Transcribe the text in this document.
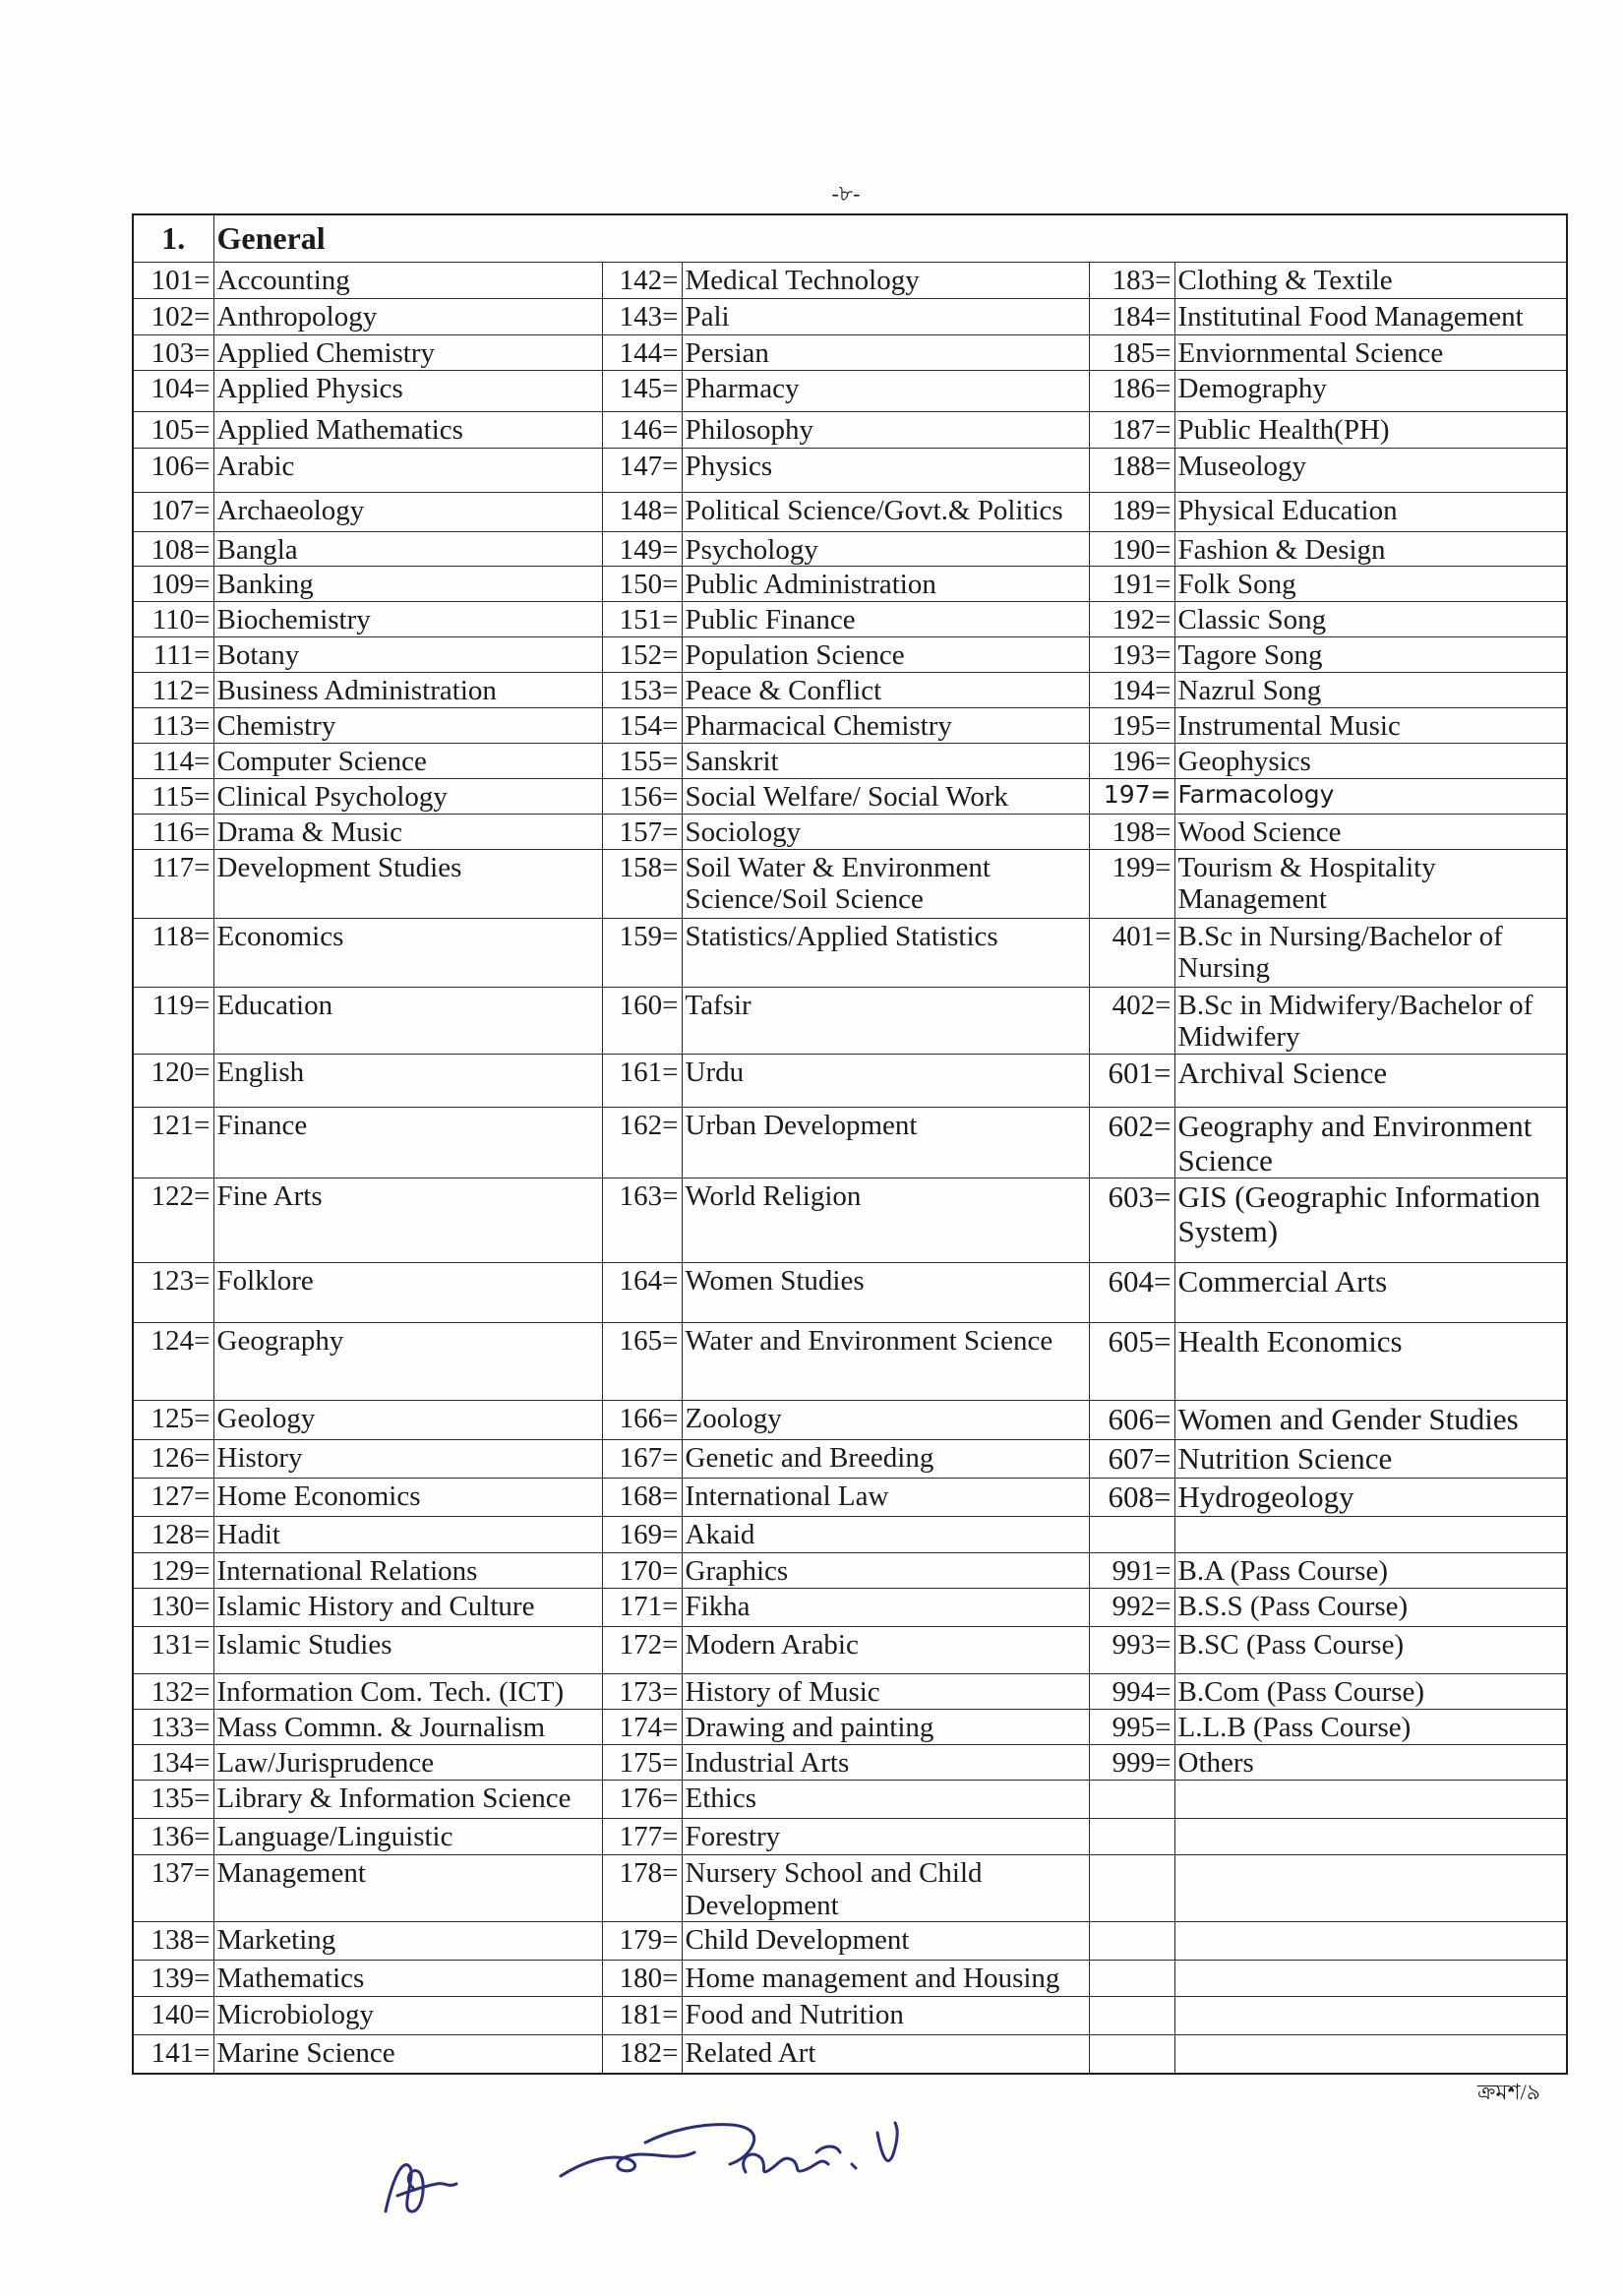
-৮-
1.	General				
101=	Accounting	142=	Medical Technology	183=	Clothing & Textile
102=	Anthropology	143=	Pali	184=	Institutinal Food Management
103=	Applied Chemistry	144=	Persian	185=	Enviornmental Science
104=	Applied Physics	145=	Pharmacy	186=	Demography
105=	Applied Mathematics	146=	Philosophy	187=	Public Health(PH)
106=	Arabic	147=	Physics	188=	Museology
107=	Archaeology	148=	Political Science/Govt.& Politics	189=	Physical Education
108=	Bangla	149=	Psychology	190=	Fashion & Design
109=	Banking	150=	Public Administration	191=	Folk Song
110=	Biochemistry	151=	Public Finance	192=	Classic Song
111=	Botany	152=	Population Science	193=	Tagore Song
112=	Business Administration	153=	Peace & Conflict	194=	Nazrul Song
113=	Chemistry	154=	Pharmacical Chemistry	195=	Instrumental Music
114=	Computer Science	155=	Sanskrit	196=	Geophysics
115=	Clinical Psychology	156=	Social Welfare/ Social Work	197=	Farmacology
116=	Drama & Music	157=	Sociology	198=	Wood Science
117=	Development Studies	158=	Soil Water & Environment Science/Soil Science	199=	Tourism & Hospitality Management
118=	Economics	159=	Statistics/Applied Statistics	401=	B.Sc in Nursing/Bachelor of Nursing
119=	Education	160=	Tafsir	402=	B.Sc in Midwifery/Bachelor of Midwifery
120=	English	161=	Urdu	601=	Archival Science
121=	Finance	162=	Urban Development	602=	Geography and Environment Science
122=	Fine Arts	163=	World Religion	603=	GIS (Geographic Information System)
123=	Folklore	164=	Women Studies	604=	Commercial Arts
124=	Geography	165=	Water and Environment Science	605=	Health Economics
125=	Geology	166=	Zoology	606=	Women and Gender Studies
126=	History	167=	Genetic and Breeding	607=	Nutrition Science
127=	Home Economics	168=	International Law	608=	Hydrogeology
128=	Hadit	169=	Akaid		
129=	International Relations	170=	Graphics	991=	B.A (Pass Course)
130=	Islamic History and Culture	171=	Fikha	992=	B.S.S (Pass Course)
131=	Islamic Studies	172=	Modern Arabic	993=	B.SC (Pass Course)
132=	Information Com. Tech. (ICT)	173=	History of Music	994=	B.Com (Pass Course)
133=	Mass Commn. & Journalism	174=	Drawing and painting	995=	L.L.B (Pass Course)
134=	Law/Jurisprudence	175=	Industrial Arts	999=	Others
135=	Library & Information Science	176=	Ethics		
136=	Language/Linguistic	177=	Forestry		
137=	Management	178=	Nursery School and Child Development		
138=	Marketing	179=	Child Development		
139=	Mathematics	180=	Home management and Housing		
140=	Microbiology	181=	Food and Nutrition		
141=	Marine Science	182=	Related Art		
ক্রমশ/৯
